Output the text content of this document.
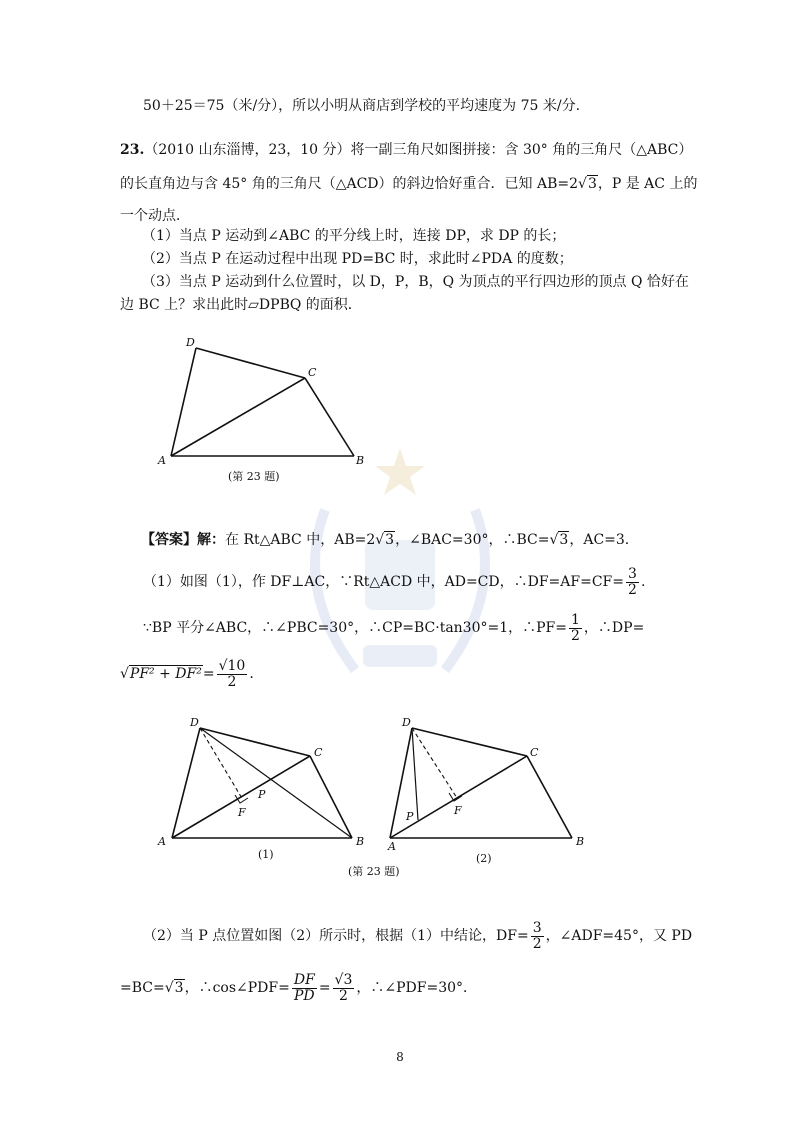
50＋25＝75（米/分），所以小明从商店到学校的平均速度为 75 米/分.
23.（2010 山东淄博，23，10 分）将一副三角尺如图拼接：含 30° 角的三角尺（△ABC）
的长直角边与含 45° 角的三角尺（△ACD）的斜边恰好重合．已知 AB=2√3，P 是 AC 上的
一个动点．
（1）当点 P 运动到∠ABC 的平分线上时，连接 DP，求 DP 的长；
（2）当点 P 在运动过程中出现 PD=BC 时，求此时∠PDA 的度数；
（3）当点 P 运动到什么位置时，以 D，P，B，Q 为顶点的平行四边形的顶点 Q 恰好在
边 BC 上？求出此时▱DPBQ 的面积．
D
C
A	B
(第 23 题)
【答案】解：在 Rt△ABC 中，AB=2√3，∠BAC=30°，∴BC=√3，AC=3.
（1）如图（1），作 DF⊥AC，∵Rt△ACD 中，AD=CD，∴DF=AF=CF= $\frac{3}{2}$ .
∵BP 平分∠ABC，∴∠PBC=30°，∴CP=BC·tan30°=1，∴PF= $\frac{1}{2}$ ，∴DP=
$√PF^2 + DF^2= \frac{√10}{2}$ .
D
C
A	B
P
F
(1)
D
C
A	B
P	F
(2)
(第 23 题)
（2）当 P 点位置如图（2）所示时，根据（1）中结论，$DF= \frac{3}{2}$ ，∠ADF=45°，又 PD
=BC=√3，∴cos∠PDF= $\frac{DF}{PD} = \frac{√3}{2}$ ，∴∠PDF=30°．
8
